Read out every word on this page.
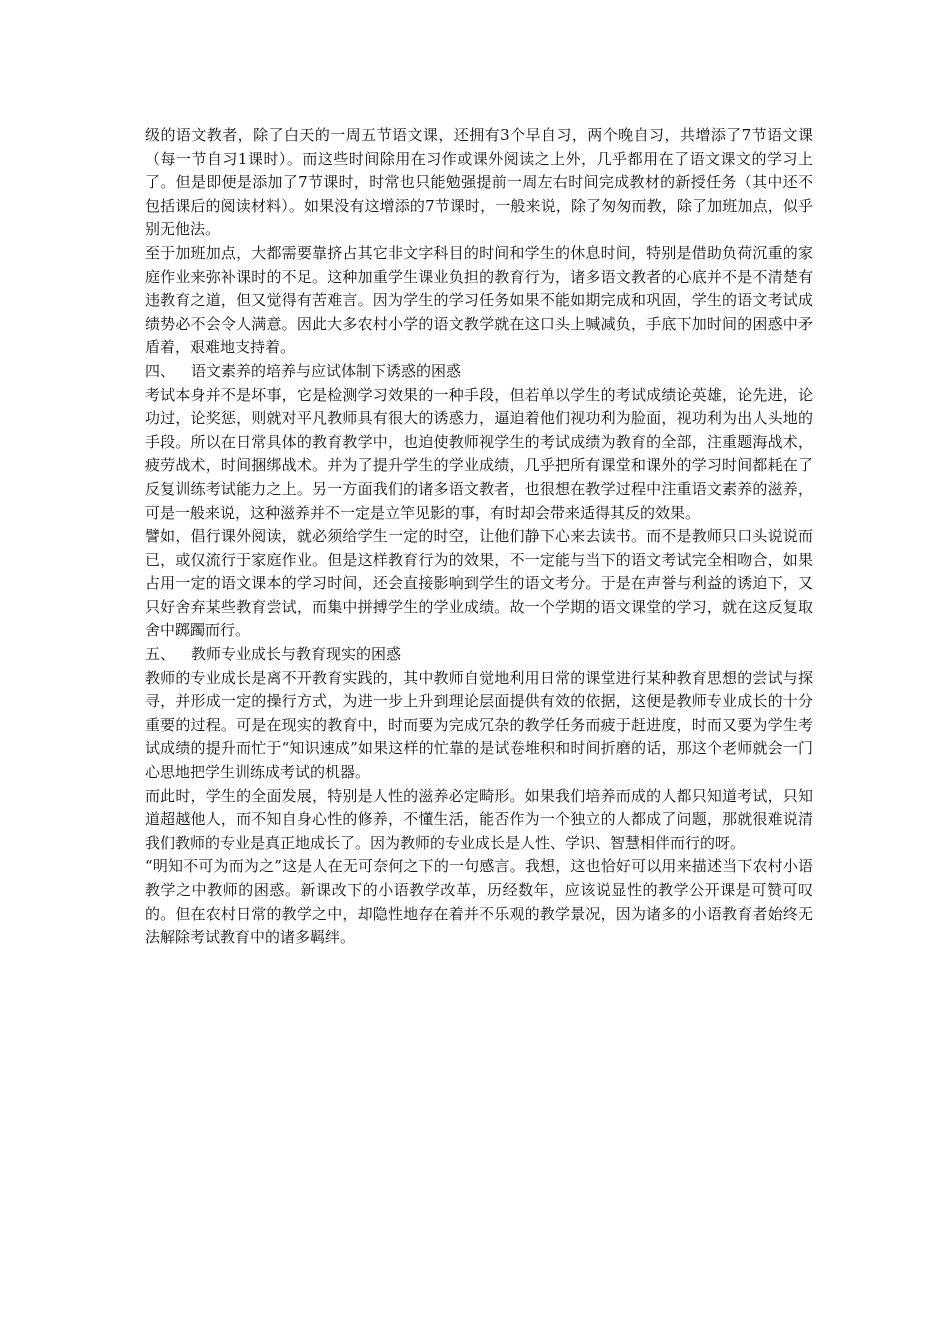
级的语文教者，除了白天的一周五节语文课，还拥有3个早自习，两个晚自习，共增添了7节语文课（每一节自习1课时）。而这些时间除用在习作或课外阅读之上外，几乎都用在了语文课文的学习上了。但是即便是添加了7节课时，时常也只能勉强提前一周左右时间完成教材的新授任务（其中还不包括课后的阅读材料）。如果没有这增添的7节课时，一般来说，除了匆匆而教，除了加班加点，似乎别无他法。

至于加班加点，大都需要靠挤占其它非文字科目的时间和学生的休息时间，特别是借助负荷沉重的家庭作业来弥补课时的不足。这种加重学生课业负担的教育行为，诸多语文教者的心底并不是不清楚有违教育之道，但又觉得有苦难言。因为学生的学习任务如果不能如期完成和巩固，学生的语文考试成绩势必不会令人满意。因此大多农村小学的语文教学就在这口头上喊减负，手底下加时间的困惑中矛盾着，艰难地支持着。

四、 语文素养的培养与应试体制下诱惑的困惑

考试本身并不是坏事，它是检测学习效果的一种手段，但若单以学生的考试成绩论英雄，论先进，论功过，论奖惩，则就对平凡教师具有很大的诱惑力，逼迫着他们视功利为脸面，视功利为出人头地的手段。所以在日常具体的教育教学中，也迫使教师视学生的考试成绩为教育的全部，注重题海战术，疲劳战术，时间捆绑战术。并为了提升学生的学业成绩，几乎把所有课堂和课外的学习时间都耗在了反复训练考试能力之上。另一方面我们的诸多语文教者，也很想在教学过程中注重语文素养的滋养，可是一般来说，这种滋养并不一定是立竿见影的事，有时却会带来适得其反的效果。

譬如，倡行课外阅读，就必须给学生一定的时空，让他们静下心来去读书。而不是教师只口头说说而已，或仅流行于家庭作业。但是这样教育行为的效果，不一定能与当下的语文考试完全相吻合，如果占用一定的语文课本的学习时间，还会直接影响到学生的语文考分。于是在声誉与利益的诱迫下，又只好舍弃某些教育尝试，而集中拼搏学生的学业成绩。故一个学期的语文课堂的学习，就在这反复取舍中踯躅而行。

五、 教师专业成长与教育现实的困惑

教师的专业成长是离不开教育实践的，其中教师自觉地利用日常的课堂进行某种教育思想的尝试与探寻，并形成一定的操行方式，为进一步上升到理论层面提供有效的依据，这便是教师专业成长的十分重要的过程。可是在现实的教育中，时而要为完成冗杂的教学任务而疲于赶进度，时而又要为学生考试成绩的提升而忙于“知识速成”如果这样的忙靠的是试卷堆积和时间折磨的话，那这个老师就会一门心思地把学生训练成考试的机器。

而此时，学生的全面发展，特别是人性的滋养必定畸形。如果我们培养而成的人都只知道考试，只知道超越他人，而不知自身心性的修养，不懂生活，能否作为一个独立的人都成了问题，那就很难说清我们教师的专业是真正地成长了。因为教师的专业成长是人性、学识、智慧相伴而行的呀。

“明知不可为而为之”这是人在无可奈何之下的一句感言。我想，这也恰好可以用来描述当下农村小语教学之中教师的困惑。新课改下的小语教学改革，历经数年，应该说显性的教学公开课是可赞可叹的。但在农村日常的教学之中，却隐性地存在着并不乐观的教学景况，因为诸多的小语教育者始终无法解除考试教育中的诸多羁绊。
